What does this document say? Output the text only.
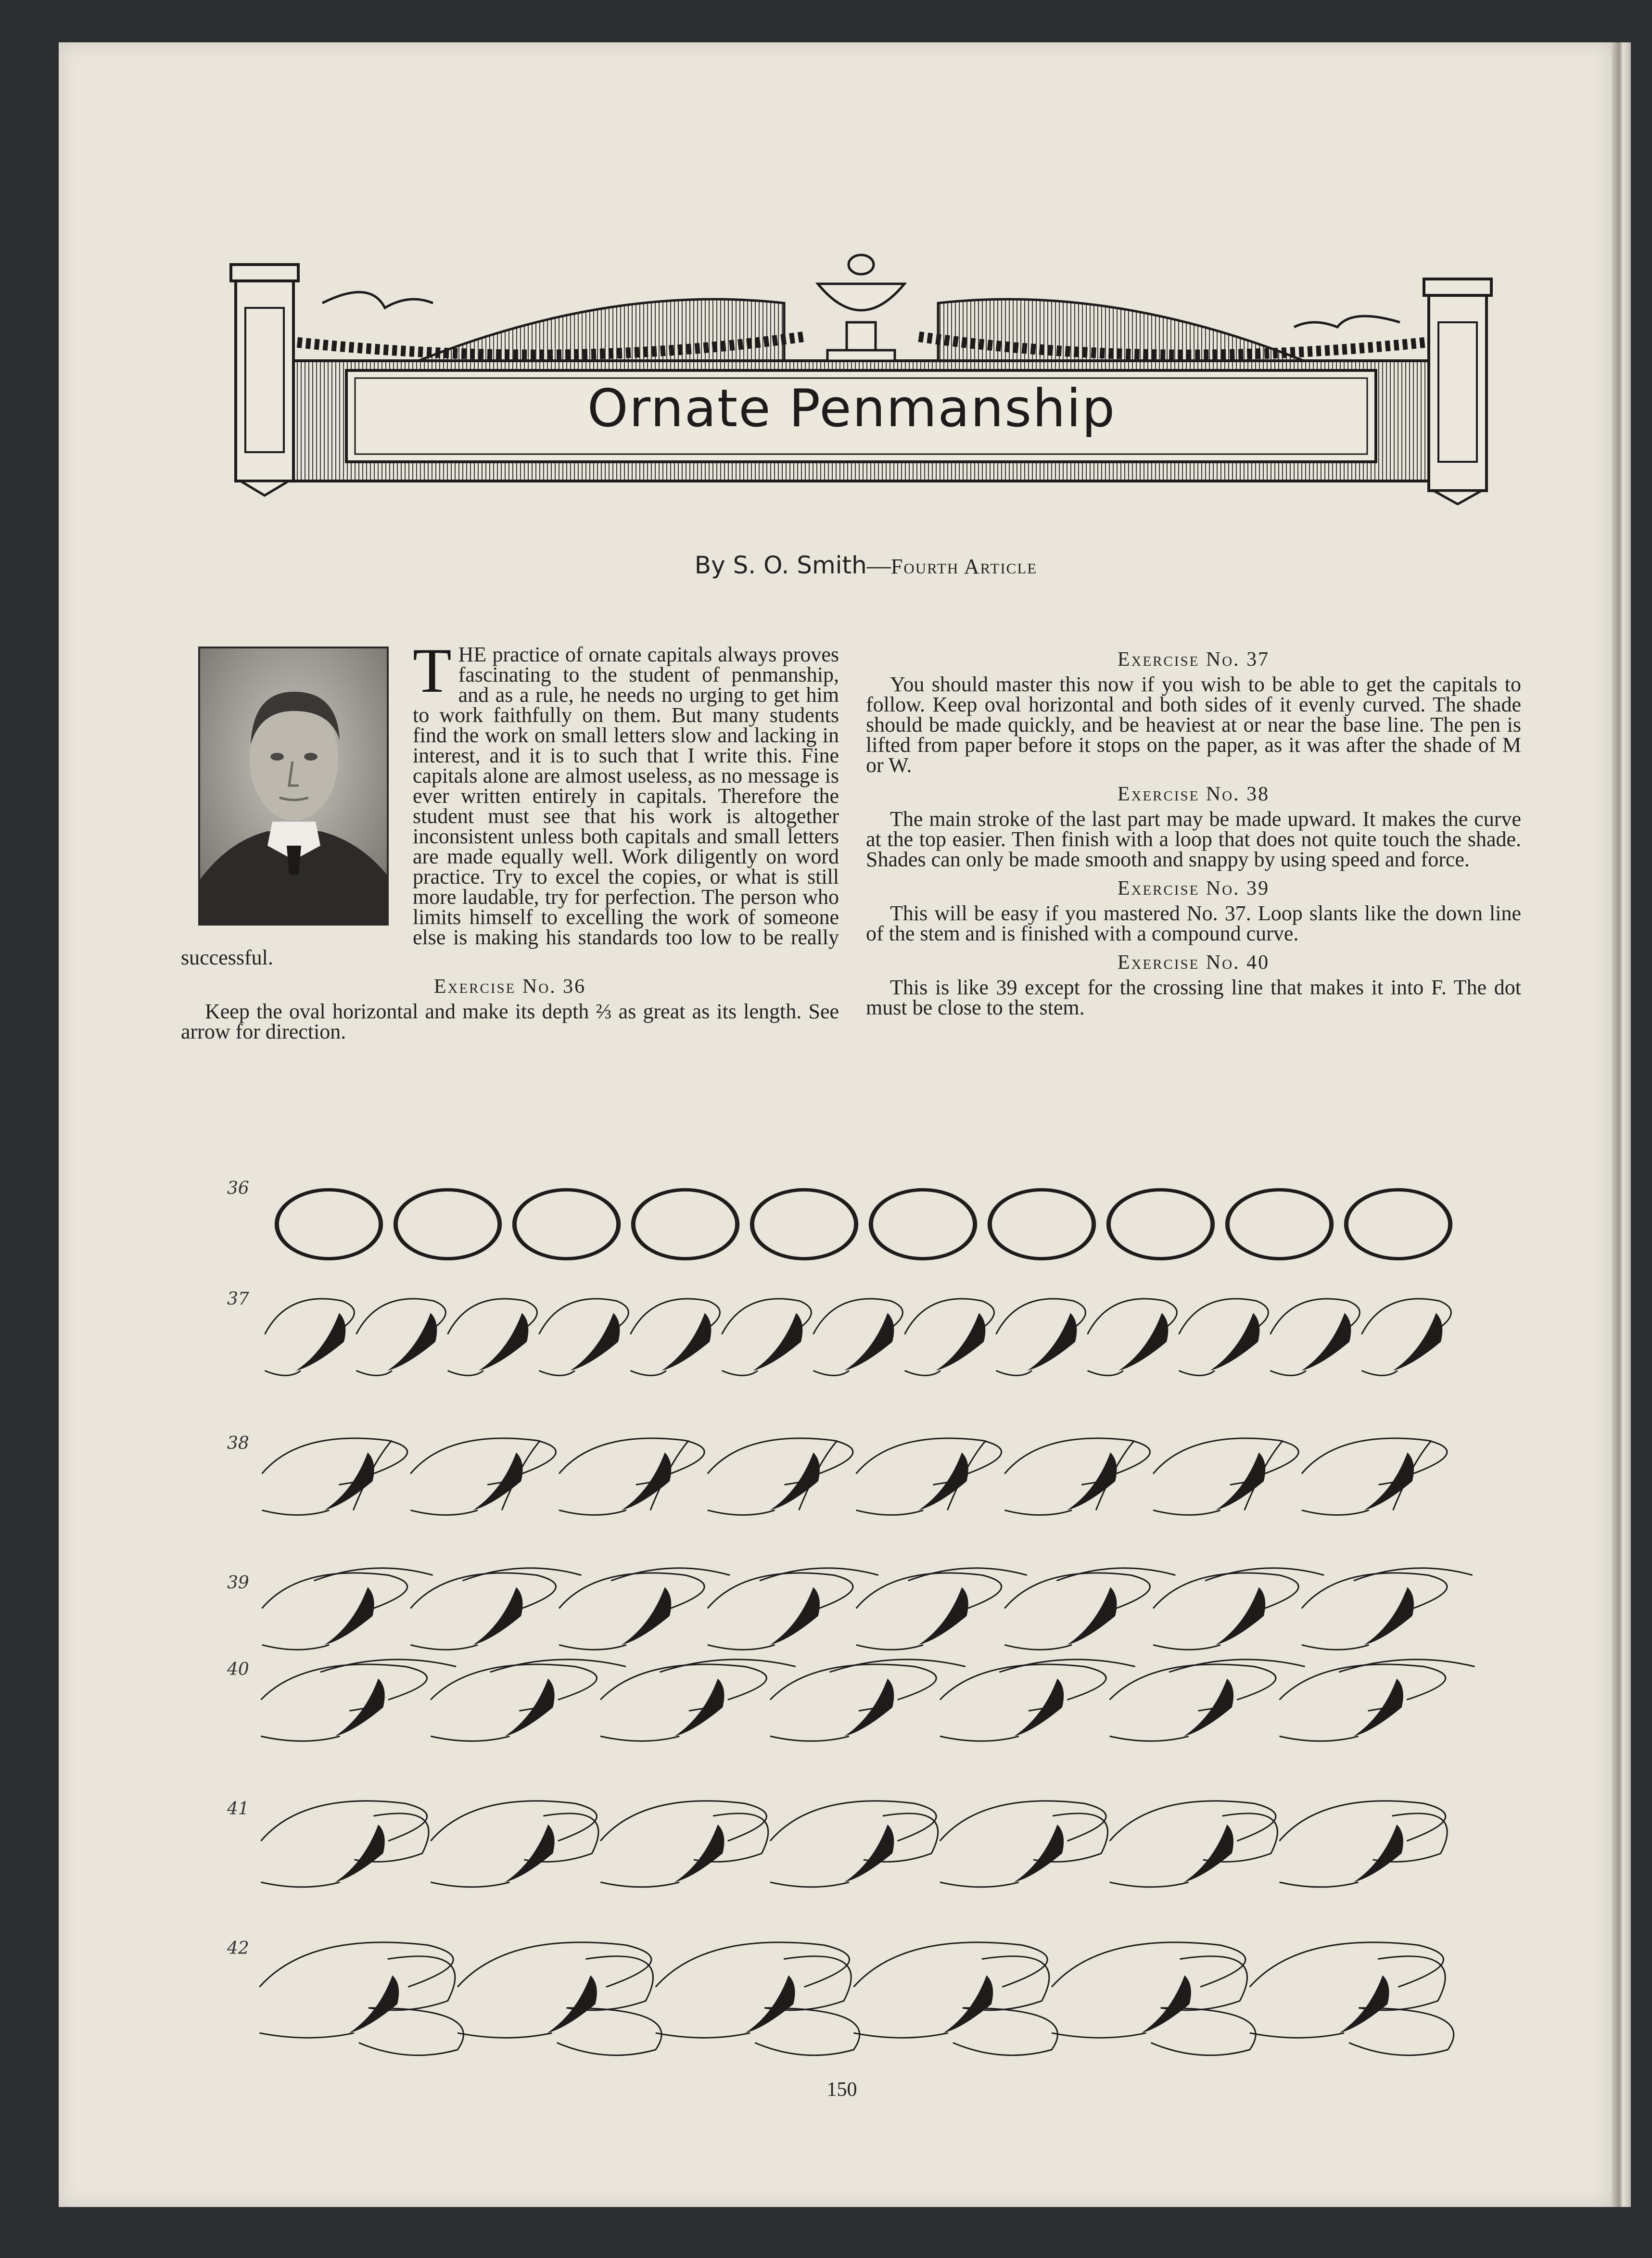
Ornate Penmanship
By S. O. Smith—Fourth Article
T HE practice of ornate capitals always proves fascinating to the student of penmanship, and as a rule, he needs no urging to get him to work faithfully on them. But many students find the work on small letters slow and lacking in interest, and it is to such that I write this. Fine capitals alone are almost useless, as no message is ever written entirely in capitals. Therefore the student must see that his work is altogether inconsistent unless both capitals and small letters are made equally well. Work diligently on word practice. Try to excel the copies, or what is still more laudable, try for perfection. The person who limits himself to excelling the work of someone else is making his standards too low to be really successful.

Exercise No. 36

Keep the oval horizontal and make its depth ⅔ as great as its length. See arrow for direction.

Exercise No. 37

You should master this now if you wish to be able to get the capitals to follow. Keep oval horizontal and both sides of it evenly curved. The shade should be made quickly, and be heaviest at or near the base line. The pen is lifted from paper before it stops on the paper, as it was after the shade of M or W.

Exercise No. 38

The main stroke of the last part may be made upward. It makes the curve at the top easier. Then finish with a loop that does not quite touch the shade. Shades can only be made smooth and snappy by using speed and force.

Exercise No. 39

This will be easy if you mastered No. 37. Loop slants like the down line of the stem and is finished with a compound curve.

Exercise No. 40

This is like 39 except for the crossing line that makes it into F. The dot must be close to the stem.

36
37
38
39
40
41
42
150
